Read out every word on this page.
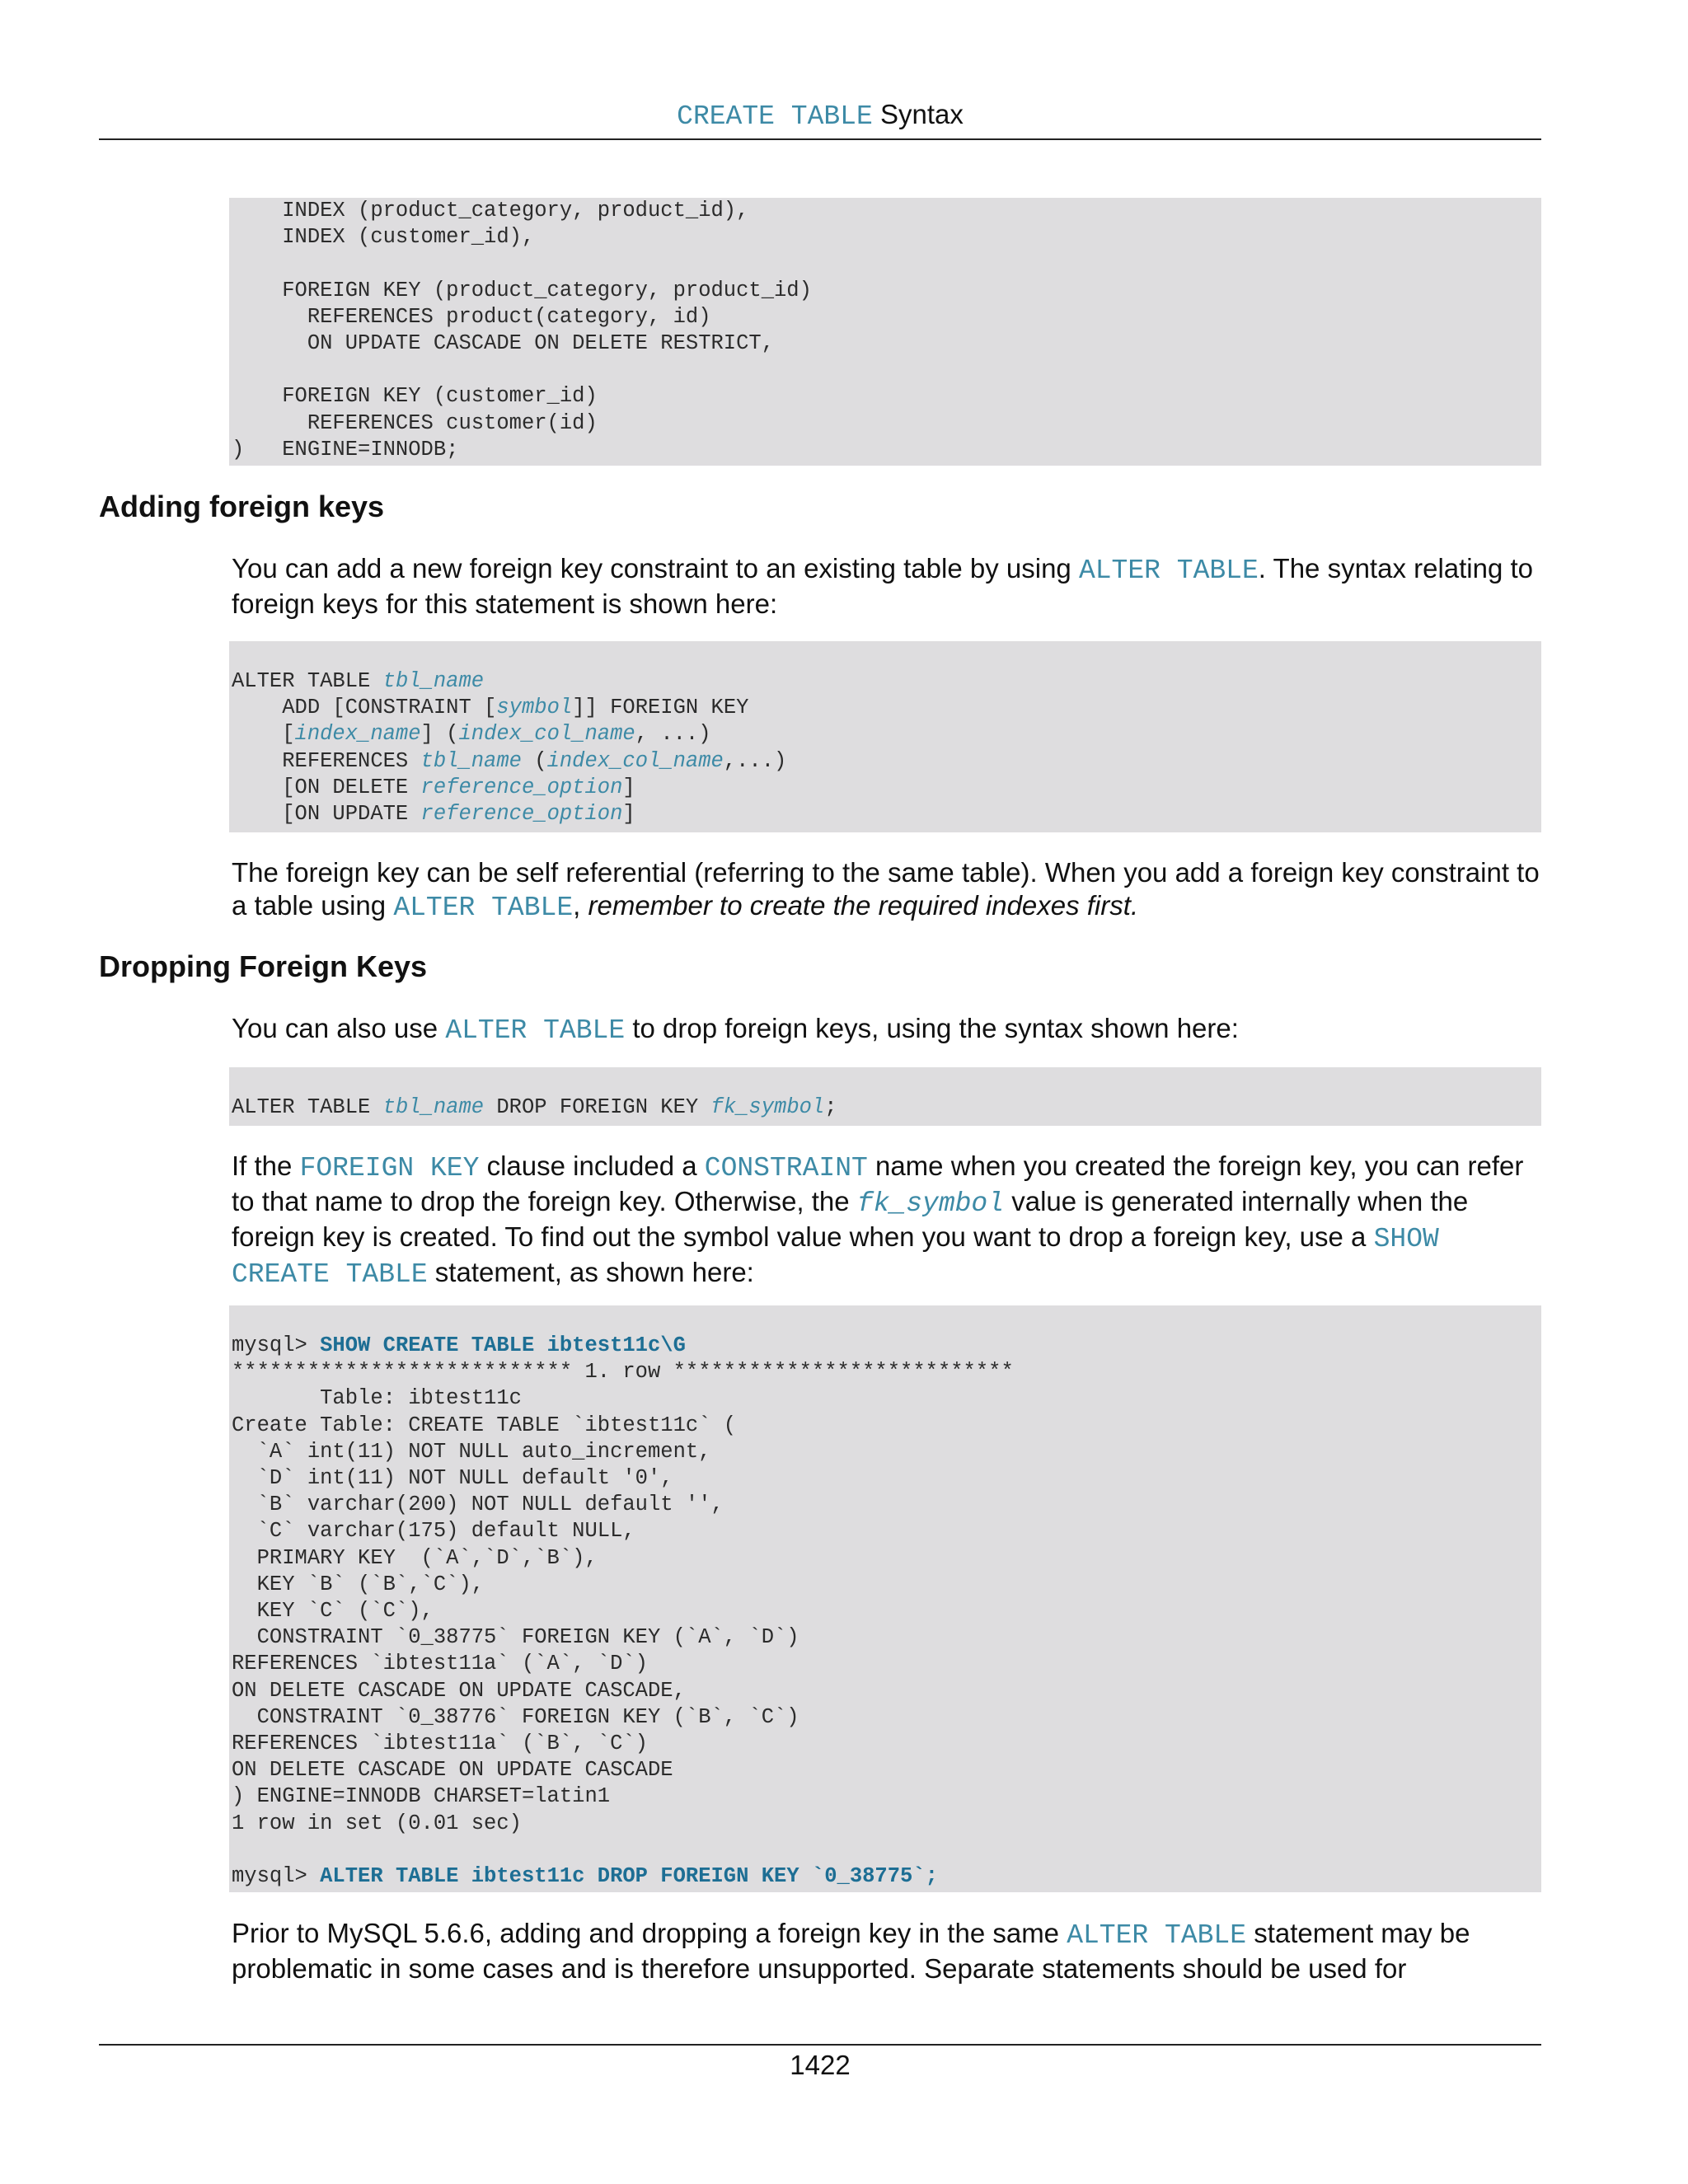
CREATE TABLE Syntax
INDEX (product_category, product_id),
INDEX (customer_id),

FOREIGN KEY (product_category, product_id)
REFERENCES product(category, id)
ON UPDATE CASCADE ON DELETE RESTRICT,

FOREIGN KEY (customer_id)
REFERENCES customer(id)
)   ENGINE=INNODB;
Adding foreign keys

You can add a new foreign key constraint to an existing table by using ALTER TABLE. The syntax relating to foreign keys for this statement is shown here:

ALTER TABLE tbl_name
ADD [CONSTRAINT [symbol]] FOREIGN KEY
[index_name] (index_col_name, ...)
REFERENCES tbl_name (index_col_name,...)
[ON DELETE reference_option]
[ON UPDATE reference_option]

The foreign key can be self referential (referring to the same table). When you add a foreign key constraint to a table using ALTER TABLE, remember to create the required indexes first.

Dropping Foreign Keys

You can also use ALTER TABLE to drop foreign keys, using the syntax shown here:

ALTER TABLE tbl_name DROP FOREIGN KEY fk_symbol;

If the FOREIGN KEY clause included a CONSTRAINT name when you created the foreign key, you can refer to that name to drop the foreign key. Otherwise, the fk_symbol value is generated internally when the foreign key is created. To find out the symbol value when you want to drop a foreign key, use a SHOW CREATE TABLE statement, as shown here:

mysql> SHOW CREATE TABLE ibtest11c\G
*************************** 1. row ***************************
Table: ibtest11c
Create Table: CREATE TABLE `ibtest11c` (
`A` int(11) NOT NULL auto_increment,
`D` int(11) NOT NULL default '0',
`B` varchar(200) NOT NULL default '',
`C` varchar(175) default NULL,
PRIMARY KEY  (`A`,`D`,`B`),
KEY `B` (`B`,`C`),
KEY `C` (`C`),
CONSTRAINT `0_38775` FOREIGN KEY (`A`, `D`)
REFERENCES `ibtest11a` (`A`, `D`)
ON DELETE CASCADE ON UPDATE CASCADE,
CONSTRAINT `0_38776` FOREIGN KEY (`B`, `C`)
REFERENCES `ibtest11a` (`B`, `C`)
ON DELETE CASCADE ON UPDATE CASCADE
) ENGINE=INNODB CHARSET=latin1
1 row in set (0.01 sec)

mysql> ALTER TABLE ibtest11c DROP FOREIGN KEY `0_38775`;

Prior to MySQL 5.6.6, adding and dropping a foreign key in the same ALTER TABLE statement may be problematic in some cases and is therefore unsupported. Separate statements should be used for

1422
